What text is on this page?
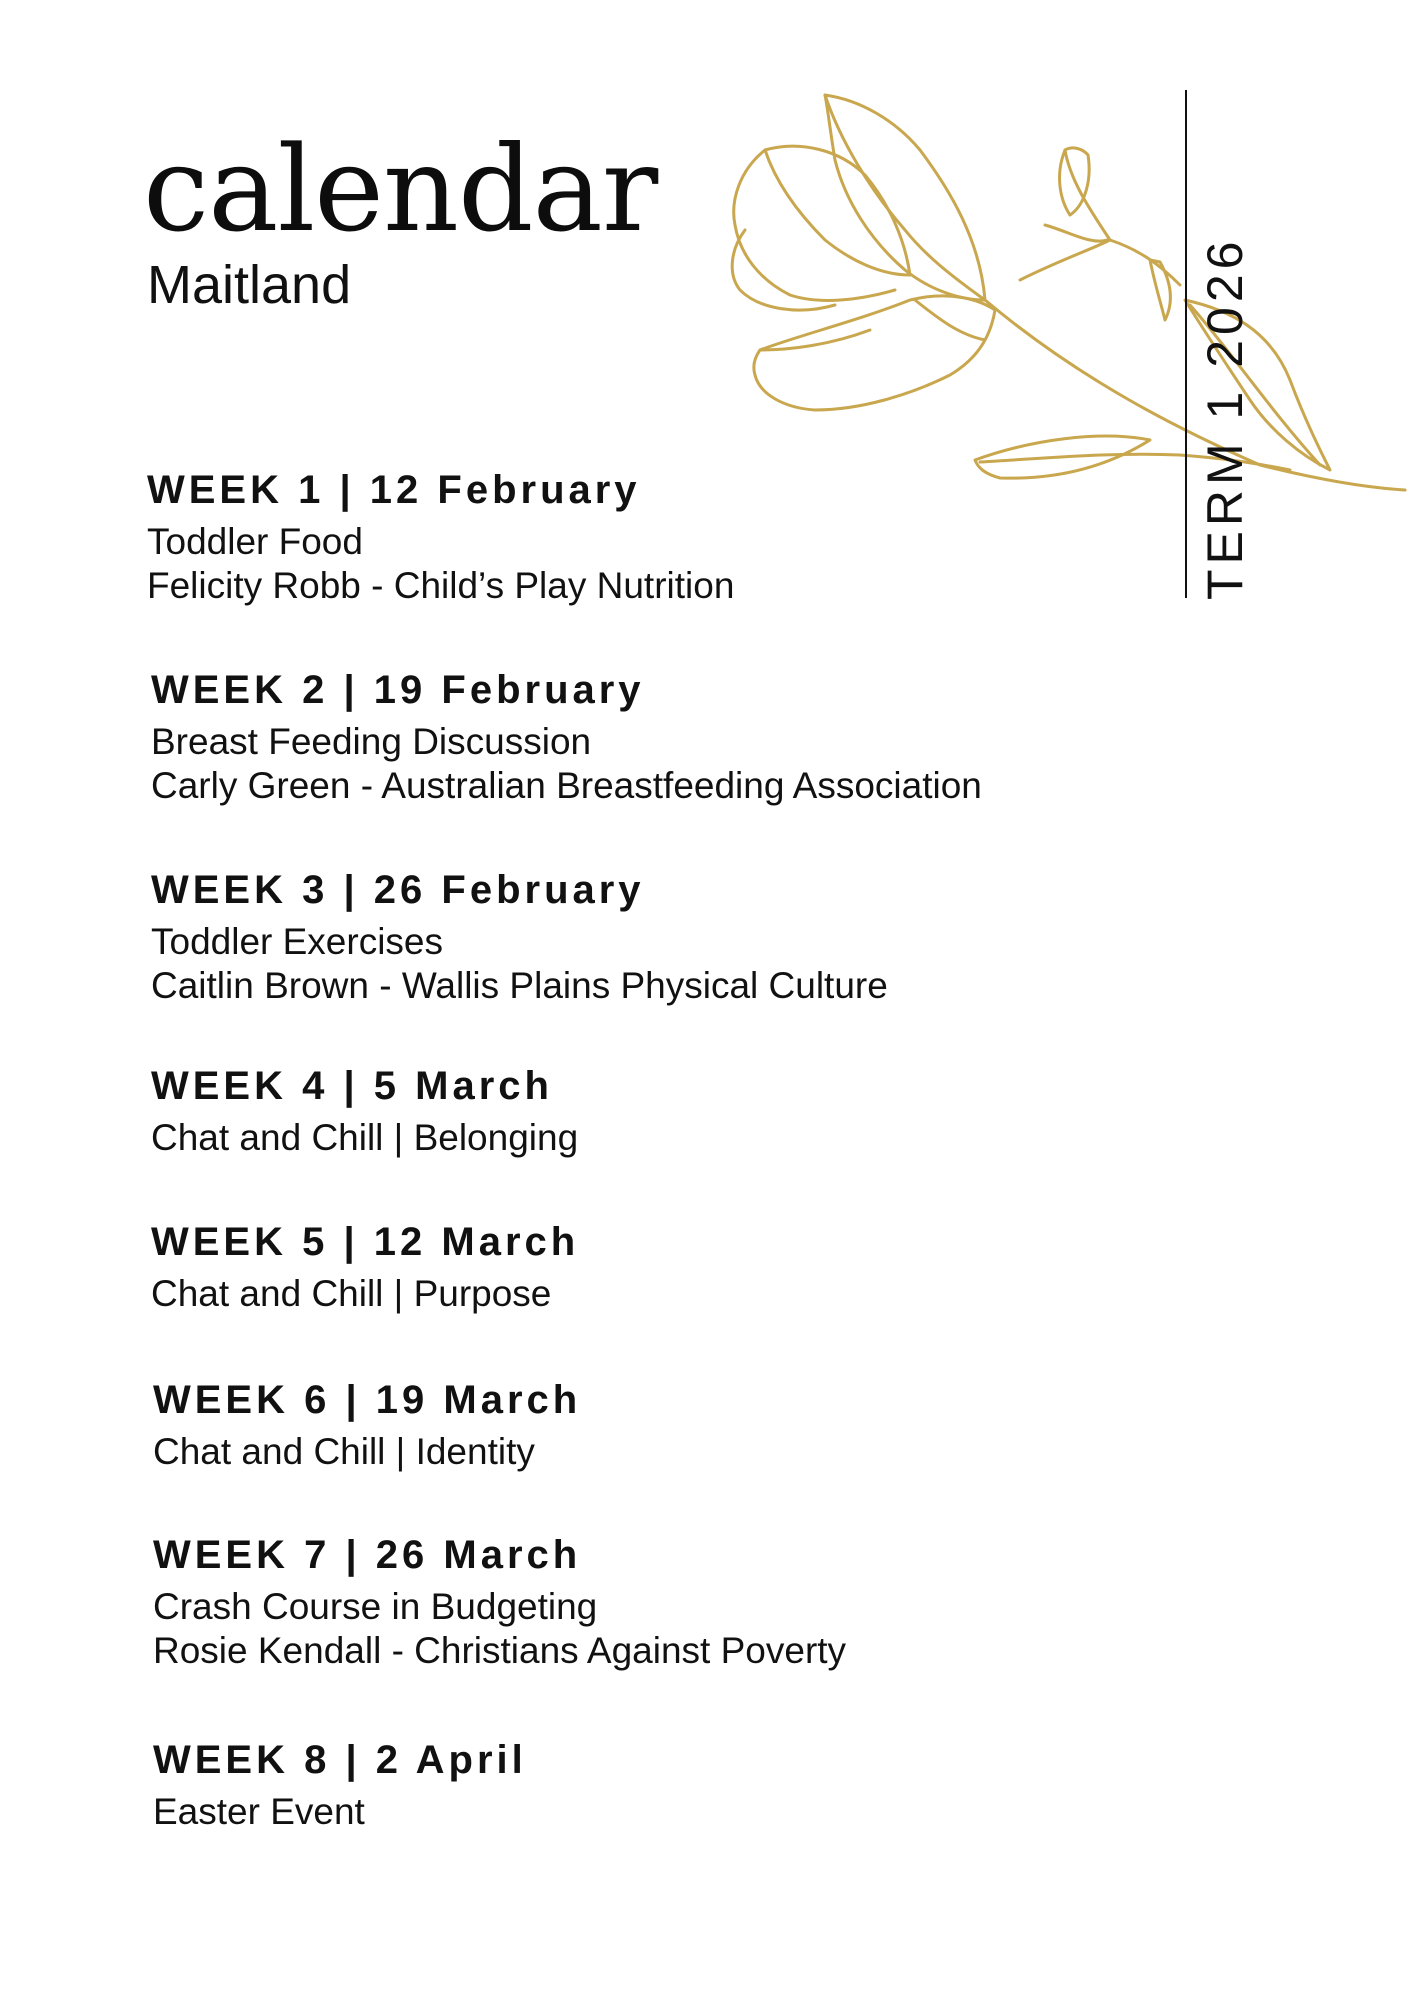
calendar
Maitland	TERM 1 2026
WEEK 1 | 12 February
Toddler Food
Felicity Robb - Child’s Play Nutrition
WEEK 2 | 19 February
Breast Feeding Discussion
Carly Green - Australian Breastfeeding Association
WEEK 3 | 26 February
Toddler Exercises
Caitlin Brown - Wallis Plains Physical Culture
WEEK 4 | 5 March
Chat and Chill | Belonging
WEEK 5 | 12 March
Chat and Chill | Purpose
WEEK 6 | 19 March
Chat and Chill | Identity
WEEK 7 | 26 March
Crash Course in Budgeting
Rosie Kendall - Christians Against Poverty
WEEK 8 | 2 April
Easter Event
